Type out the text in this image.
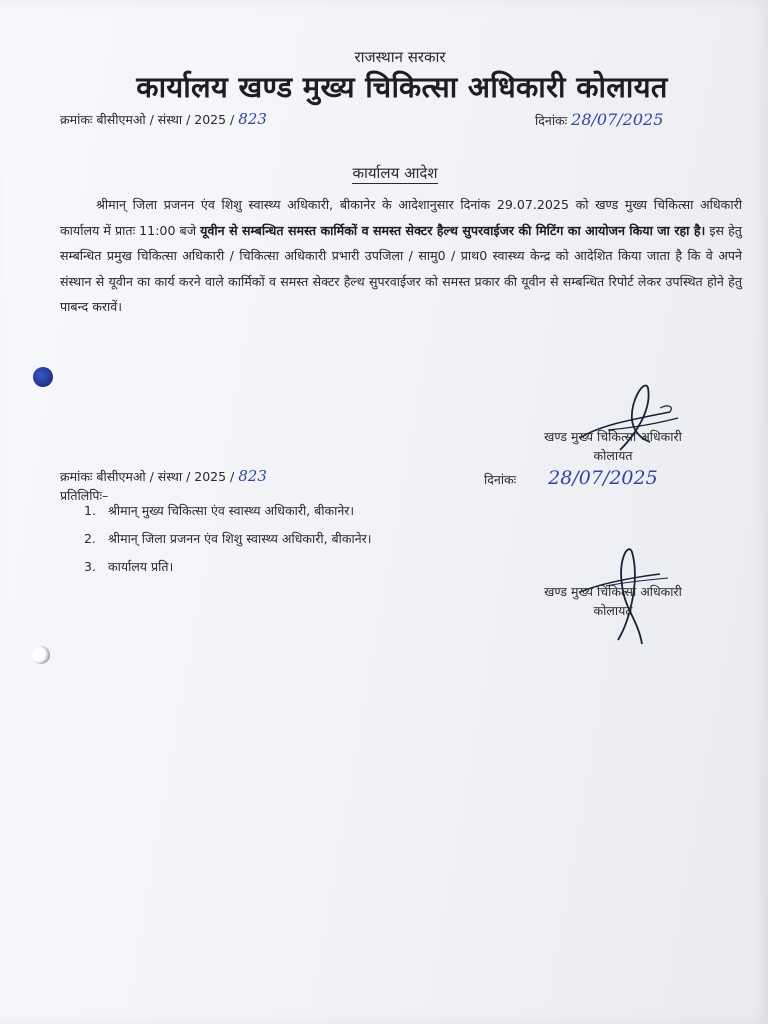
राजस्थान सरकार
कार्यालय खण्ड मुख्य चिकित्सा अधिकारी कोलायत
क्रमांकः बीसीएमओ / संस्था / 2025 / 823	दिनांकः 28/07/2025
कार्यालय आदेश
श्रीमान् जिला प्रजनन एंव शिशु स्वास्थ्य अधिकारी, बीकानेर के आदेशानुसार दिनांक 29.07.2025 को खण्ड मुख्य चिकित्सा अधिकारी कार्यालय में प्रातः 11:00 बजे यूवीन से सम्बन्धित समस्त कार्मिकों व समस्त सेक्टर हैल्थ सुपरवाईजर की मिटिंग का आयोजन किया जा रहा है। इस हेतु सम्बन्धित प्रमुख चिकित्सा अधिकारी / चिकित्सा अधिकारी प्रभारी उपजिला / सामु0 / प्राथ0 स्वास्थ्य केन्द्र को आदेशित किया जाता है कि वे अपने संस्थान से यूवीन का कार्य करने वाले कार्मिकों व समस्त सेक्टर हैल्थ सुपरवाईजर को समस्त प्रकार की यूवीन से सम्बन्धित रिपोर्ट लेकर उपस्थित होने हेतु पाबन्द करावें।
खण्ड मुख्य चिकित्सा अधिकारी
कोलायत
क्रमांकः बीसीएमओ / संस्था / 2025 / 823	दिनांकः 28/07/2025
प्रतिलिपिः–
1. श्रीमान् मुख्य चिकित्सा एंव स्वास्थ्य अधिकारी, बीकानेर।
2. श्रीमान् जिला प्रजनन एंव शिशु स्वास्थ्य अधिकारी, बीकानेर।
3. कार्यालय प्रति।
खण्ड मुख्य चिकित्सा अधिकारी
कोलायत
